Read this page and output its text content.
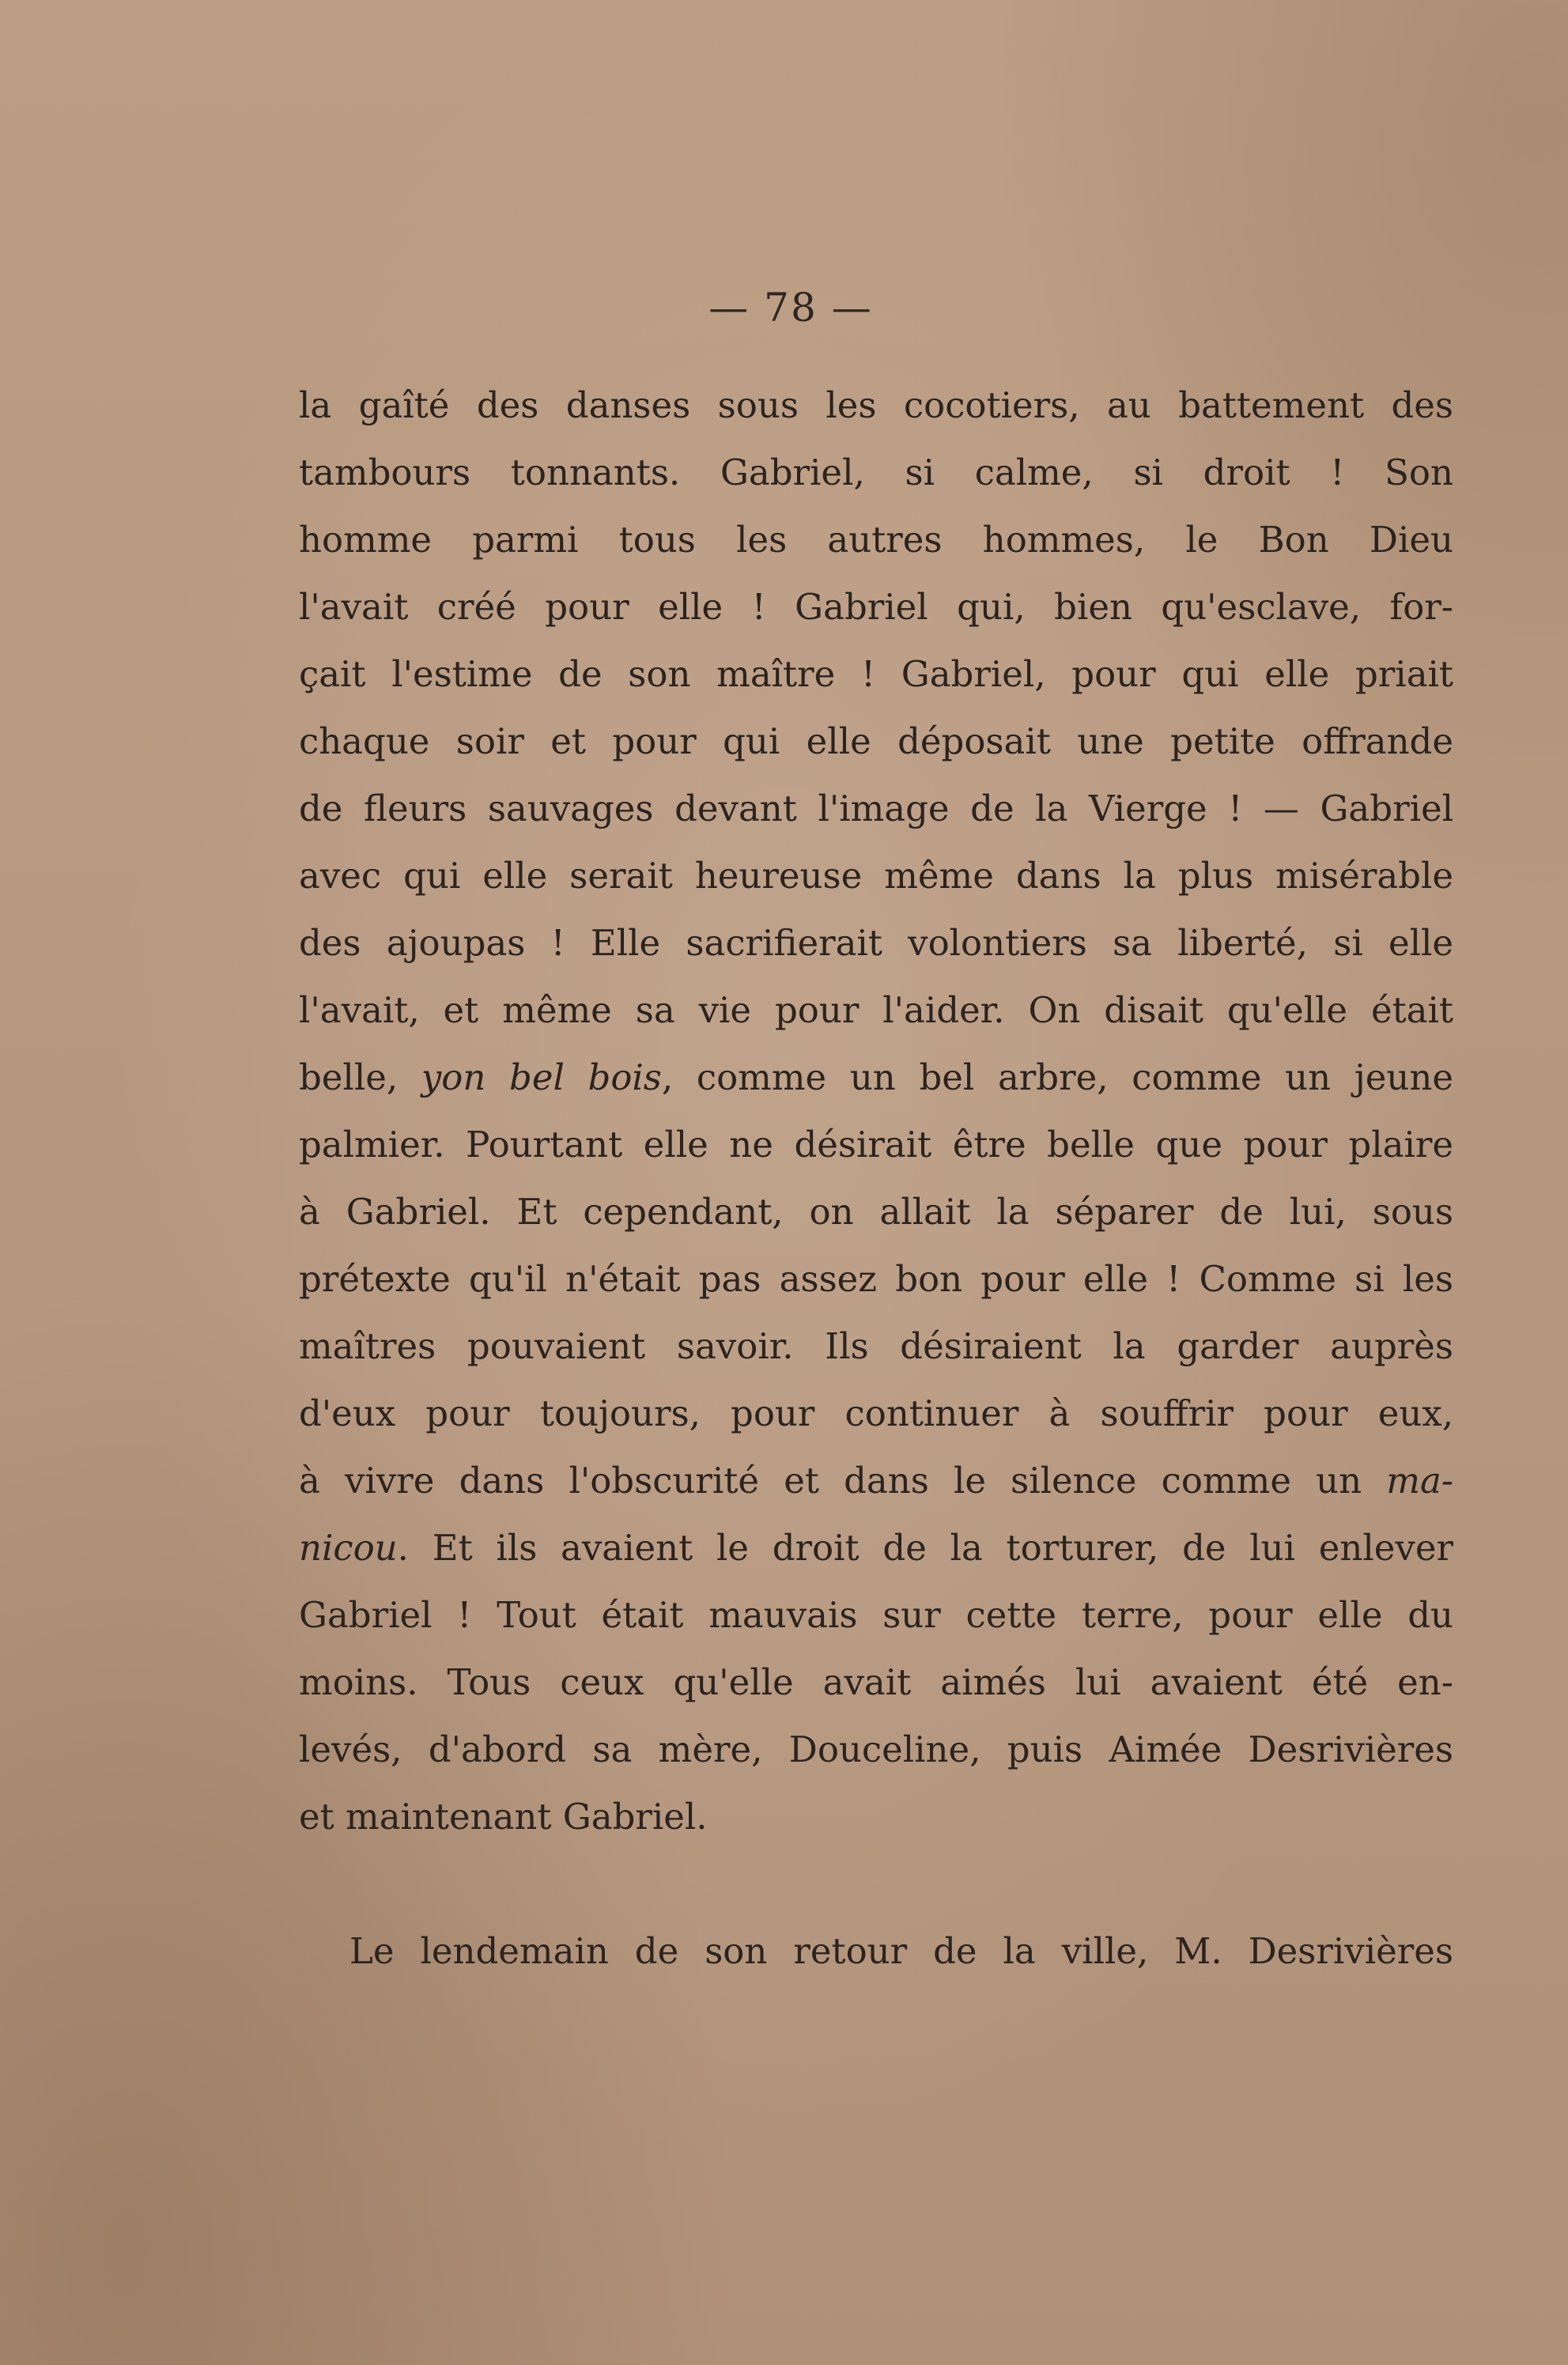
— 78 —
la gaîté des danses sous les cocotiers, au battement des
tambours tonnants. Gabriel, si calme, si droit ! Son
homme parmi tous les autres hommes, le Bon Dieu
l'avait créé pour elle ! Gabriel qui, bien qu'esclave, for-
çait l'estime de son maître ! Gabriel, pour qui elle priait
chaque soir et pour qui elle déposait une petite offrande
de fleurs sauvages devant l'image de la Vierge ! — Gabriel
avec qui elle serait heureuse même dans la plus misérable
des ajoupas ! Elle sacrifierait volontiers sa liberté, si elle
l'avait, et même sa vie pour l'aider. On disait qu'elle était
belle, yon bel bois, comme un bel arbre, comme un jeune
palmier. Pourtant elle ne désirait être belle que pour plaire
à Gabriel. Et cependant, on allait la séparer de lui, sous
prétexte qu'il n'était pas assez bon pour elle ! Comme si les
maîtres pouvaient savoir. Ils désiraient la garder auprès
d'eux pour toujours, pour continuer à souffrir pour eux,
à vivre dans l'obscurité et dans le silence comme un ma-
nicou. Et ils avaient le droit de la torturer, de lui enlever
Gabriel ! Tout était mauvais sur cette terre, pour elle du
moins. Tous ceux qu'elle avait aimés lui avaient été en-
levés, d'abord sa mère, Douceline, puis Aimée Desrivières
et maintenant Gabriel.
Le lendemain de son retour de la ville, M. Desrivières
